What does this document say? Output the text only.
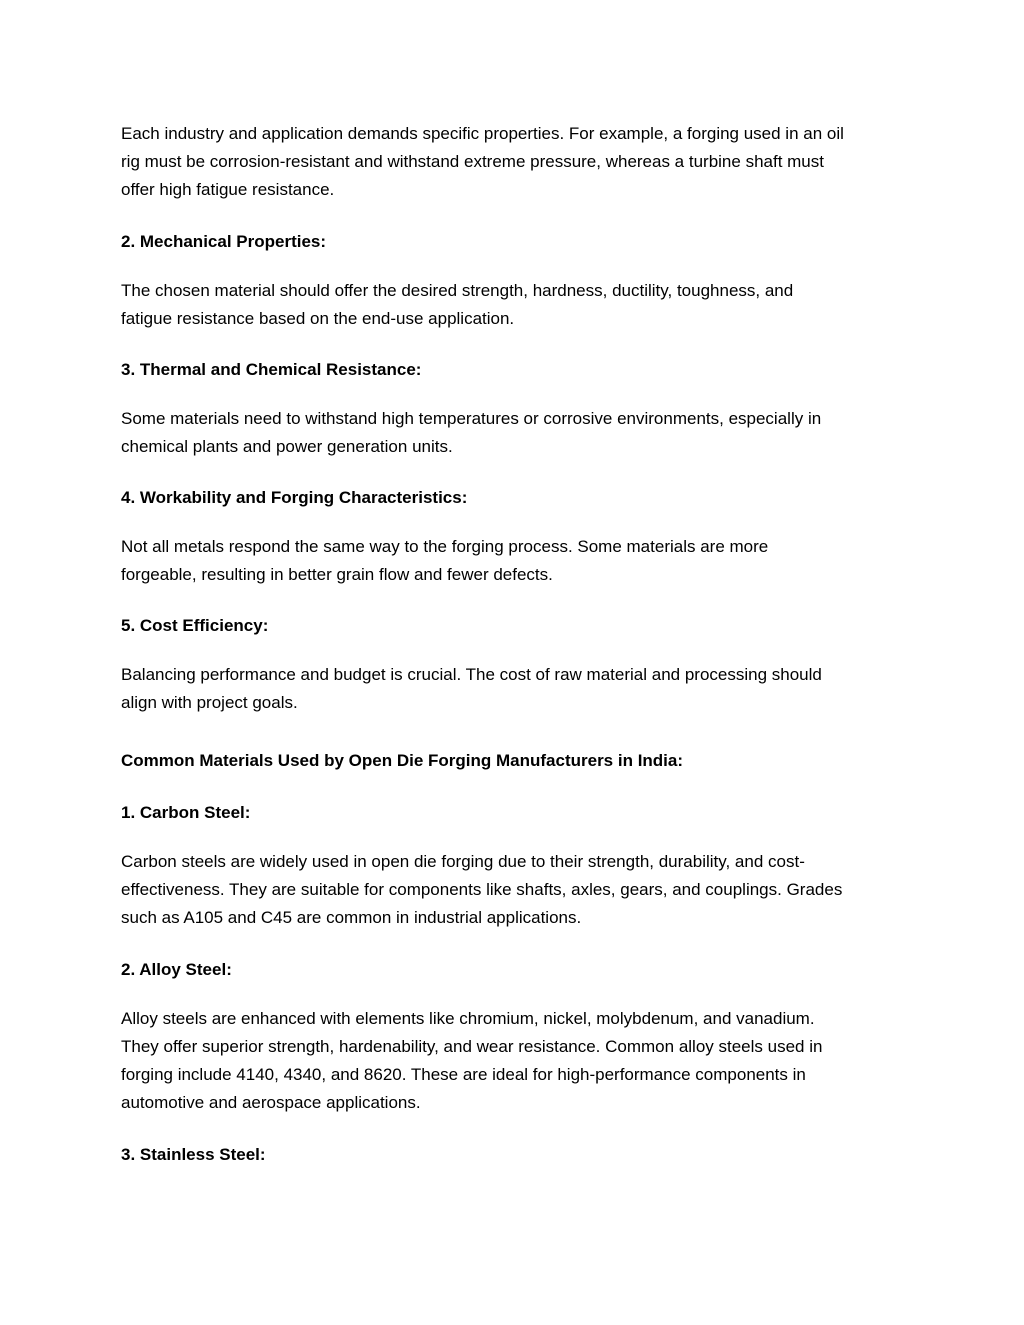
Each industry and application demands specific properties. For example, a forging used in an oil
rig must be corrosion-resistant and withstand extreme pressure, whereas a turbine shaft must
offer high fatigue resistance.

2. Mechanical Properties:

The chosen material should offer the desired strength, hardness, ductility, toughness, and
fatigue resistance based on the end-use application.

3. Thermal and Chemical Resistance:

Some materials need to withstand high temperatures or corrosive environments, especially in
chemical plants and power generation units.

4. Workability and Forging Characteristics:

Not all metals respond the same way to the forging process. Some materials are more
forgeable, resulting in better grain flow and fewer defects.

5. Cost Efficiency:

Balancing performance and budget is crucial. The cost of raw material and processing should
align with project goals.

Common Materials Used by Open Die Forging Manufacturers in India:

1. Carbon Steel:

Carbon steels are widely used in open die forging due to their strength, durability, and cost-
effectiveness. They are suitable for components like shafts, axles, gears, and couplings. Grades
such as A105 and C45 are common in industrial applications.

2. Alloy Steel:

Alloy steels are enhanced with elements like chromium, nickel, molybdenum, and vanadium.
They offer superior strength, hardenability, and wear resistance. Common alloy steels used in
forging include 4140, 4340, and 8620. These are ideal for high-performance components in
automotive and aerospace applications.

3. Stainless Steel:
